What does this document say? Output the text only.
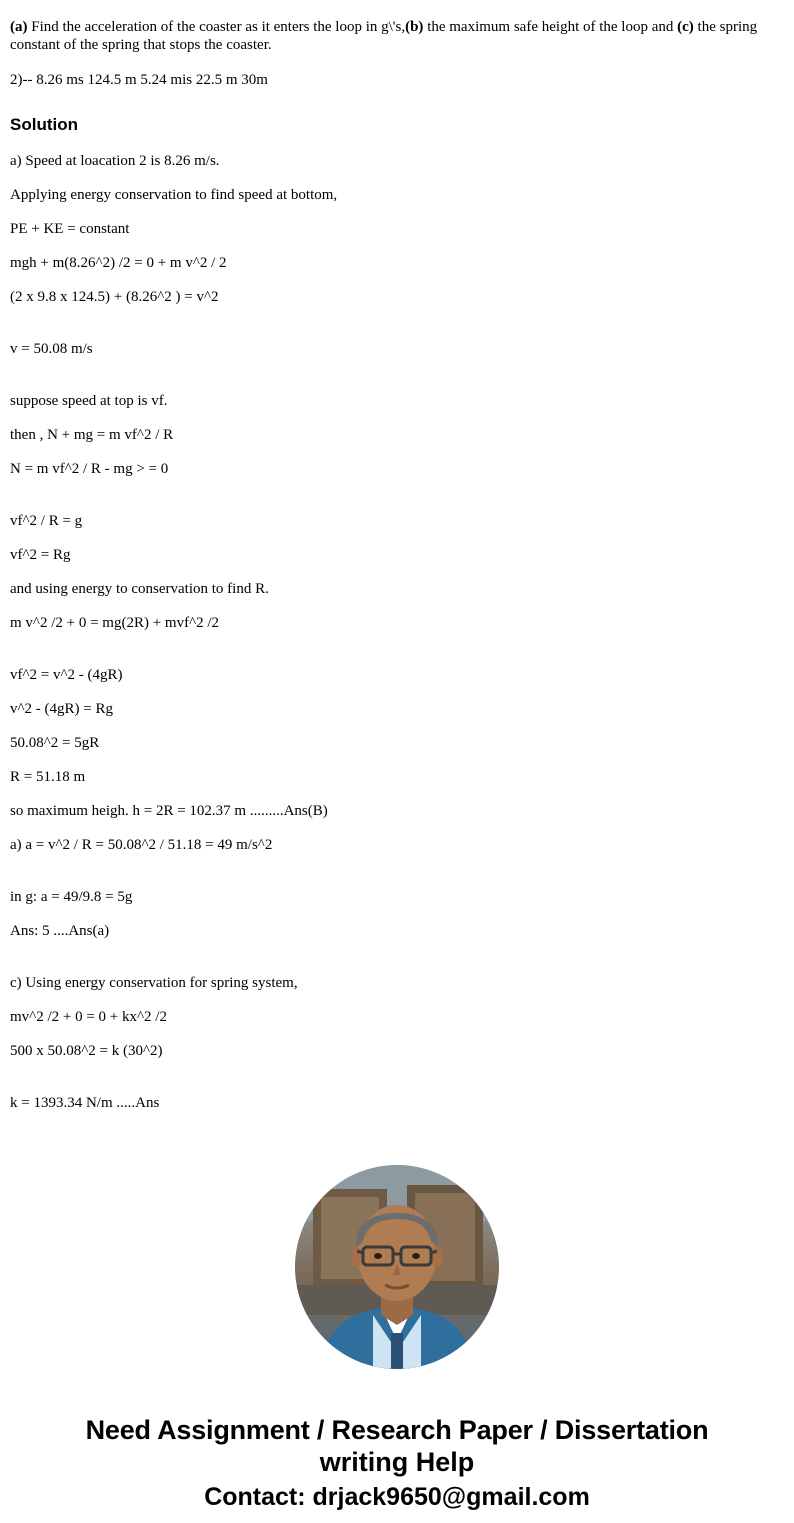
(a) Find the acceleration of the coaster as it enters the loop in g\'s,(b) the maximum safe height of the loop and (c) the spring constant of the spring that stops the coaster.
2)-- 8.26 ms 124.5 m 5.24 mis 22.5 m 30m
Solution

a) Speed at loacation 2 is 8.26 m/s.

Applying energy conservation to find speed at bottom,

PE + KE = constant

mgh + m(8.26^2) /2 = 0 + m v^2 / 2

(2 x 9.8 x 124.5) + (8.26^2 ) = v^2

v = 50.08 m/s

suppose speed at top is vf.

then , N + mg = m vf^2 / R

N = m vf^2 / R - mg > = 0

vf^2 / R = g

vf^2 = Rg

and using energy to conservation to find R.

m v^2 /2 + 0 = mg(2R) + mvf^2 /2

vf^2 = v^2 - (4gR)

v^2 - (4gR) = Rg

50.08^2 = 5gR

R = 51.18 m

so maximum heigh. h = 2R = 102.37 m .........Ans(B)

a) a = v^2 / R = 50.08^2 / 51.18 = 49 m/s^2

in g: a = 49/9.8 = 5g

Ans: 5 ....Ans(a)

c) Using energy conservation for spring system,

mv^2 /2 + 0 = 0 + kx^2 /2

500 x 50.08^2 = k (30^2)

k = 1393.34 N/m .....Ans

Need Assignment / Research Paper / Dissertation
writing Help
Contact: drjack9650@gmail.com
